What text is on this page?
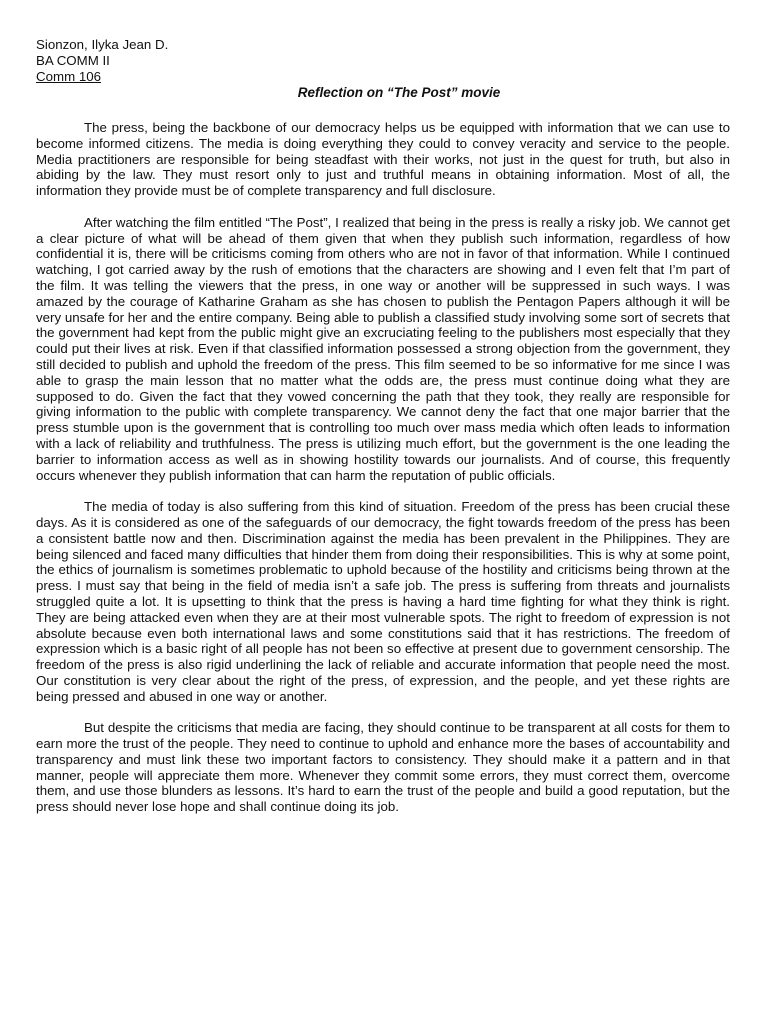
Sionzon, Ilyka Jean D.
BA COMM II
Comm 106
Reflection on “The Post” movie

The press, being the backbone of our democracy helps us be equipped with information that we can use to become informed citizens. The media is doing everything they could to convey veracity and service to the people. Media practitioners are responsible for being steadfast with their works, not just in the quest for truth, but also in abiding by the law. They must resort only to just and truthful means in obtaining information. Most of all, the information they provide must be of complete transparency and full disclosure.

After watching the film entitled “The Post”, I realized that being in the press is really a risky job. We cannot get a clear picture of what will be ahead of them given that when they publish such information, regardless of how confidential it is, there will be criticisms coming from others who are not in favor of that information. While I continued watching, I got carried away by the rush of emotions that the characters are showing and I even felt that I’m part of the film. It was telling the viewers that the press, in one way or another will be suppressed in such ways. I was amazed by the courage of Katharine Graham as she has chosen to publish the Pentagon Papers although it will be very unsafe for her and the entire company. Being able to publish a classified study involving some sort of secrets that the government had kept from the public might give an excruciating feeling to the publishers most especially that they could put their lives at risk. Even if that classified information possessed a strong objection from the government, they still decided to publish and uphold the freedom of the press. This film seemed to be so informative for me since I was able to grasp the main lesson that no matter what the odds are, the press must continue doing what they are supposed to do. Given the fact that they vowed concerning the path that they took, they really are responsible for giving information to the public with complete transparency. We cannot deny the fact that one major barrier that the press stumble upon is the government that is controlling too much over mass media which often leads to information with a lack of reliability and truthfulness. The press is utilizing much effort, but the government is the one leading the barrier to information access as well as in showing hostility towards our journalists. And of course, this frequently occurs whenever they publish information that can harm the reputation of public officials.

The media of today is also suffering from this kind of situation. Freedom of the press has been crucial these days. As it is considered as one of the safeguards of our democracy, the fight towards freedom of the press has been a consistent battle now and then. Discrimination against the media has been prevalent in the Philippines. They are being silenced and faced many difficulties that hinder them from doing their responsibilities. This is why at some point, the ethics of journalism is sometimes problematic to uphold because of the hostility and criticisms being thrown at the press. I must say that being in the field of media isn’t a safe job. The press is suffering from threats and journalists struggled quite a lot. It is upsetting to think that the press is having a hard time fighting for what they think is right. They are being attacked even when they are at their most vulnerable spots. The right to freedom of expression is not absolute because even both international laws and some constitutions said that it has restrictions. The freedom of expression which is a basic right of all people has not been so effective at present due to government censorship. The freedom of the press is also rigid underlining the lack of reliable and accurate information that people need the most. Our constitution is very clear about the right of the press, of expression, and the people, and yet these rights are being pressed and abused in one way or another.

But despite the criticisms that media are facing, they should continue to be transparent at all costs for them to earn more the trust of the people. They need to continue to uphold and enhance more the bases of accountability and transparency and must link these two important factors to consistency. They should make it a pattern and in that manner, people will appreciate them more. Whenever they commit some errors, they must correct them, overcome them, and use those blunders as lessons. It’s hard to earn the trust of the people and build a good reputation, but the press should never lose hope and shall continue doing its job.
